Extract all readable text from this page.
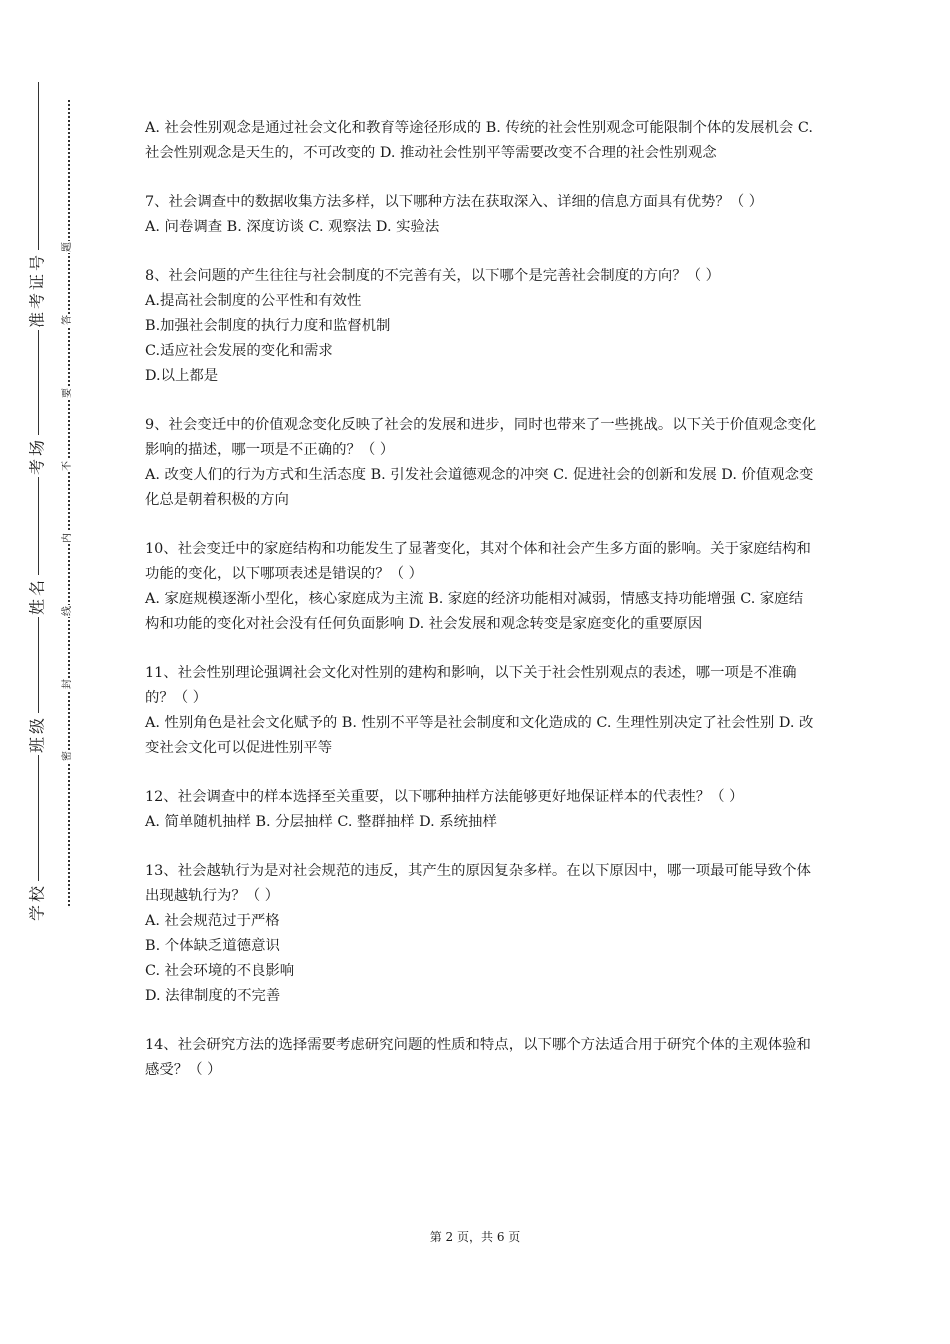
准考证号
考场
姓名
班级
学校
题
答
要
不
内
线
封
密

A. 社会性别观念是通过社会文化和教育等途径形成的 B. 传统的社会性别观念可能限制个体的发展机会 C. 社会性别观念是天生的，不可改变的 D. 推动社会性别平等需要改变不合理的社会性别观念

7、社会调查中的数据收集方法多样，以下哪种方法在获取深入、详细的信息方面具有优势？（ ）

A. 问卷调查 B. 深度访谈 C. 观察法 D. 实验法

8、社会问题的产生往往与社会制度的不完善有关，以下哪个是完善社会制度的方向？（ ）

A.提高社会制度的公平性和有效性

B.加强社会制度的执行力度和监督机制

C.适应社会发展的变化和需求

D.以上都是

9、社会变迁中的价值观念变化反映了社会的发展和进步，同时也带来了一些挑战。以下关于价值观念变化影响的描述，哪一项是不正确的？（ ）

A. 改变人们的行为方式和生活态度 B. 引发社会道德观念的冲突 C. 促进社会的创新和发展 D. 价值观念变化总是朝着积极的方向

10、社会变迁中的家庭结构和功能发生了显著变化，其对个体和社会产生多方面的影响。关于家庭结构和功能的变化，以下哪项表述是错误的？（ ）

A. 家庭规模逐渐小型化，核心家庭成为主流 B. 家庭的经济功能相对减弱，情感支持功能增强 C. 家庭结构和功能的变化对社会没有任何负面影响 D. 社会发展和观念转变是家庭变化的重要原因

11、社会性别理论强调社会文化对性别的建构和影响，以下关于社会性别观点的表述，哪一项是不准确的？（ ）

A. 性别角色是社会文化赋予的 B. 性别不平等是社会制度和文化造成的 C. 生理性别决定了社会性别 D. 改变社会文化可以促进性别平等

12、社会调查中的样本选择至关重要，以下哪种抽样方法能够更好地保证样本的代表性？（ ）

A. 简单随机抽样 B. 分层抽样 C. 整群抽样 D. 系统抽样

13、社会越轨行为是对社会规范的违反，其产生的原因复杂多样。在以下原因中，哪一项最可能导致个体出现越轨行为？（ ）

A. 社会规范过于严格

B. 个体缺乏道德意识

C. 社会环境的不良影响

D. 法律制度的不完善

14、社会研究方法的选择需要考虑研究问题的性质和特点，以下哪个方法适合用于研究个体的主观体验和感受？（ ）

第 2 页，共 6 页
